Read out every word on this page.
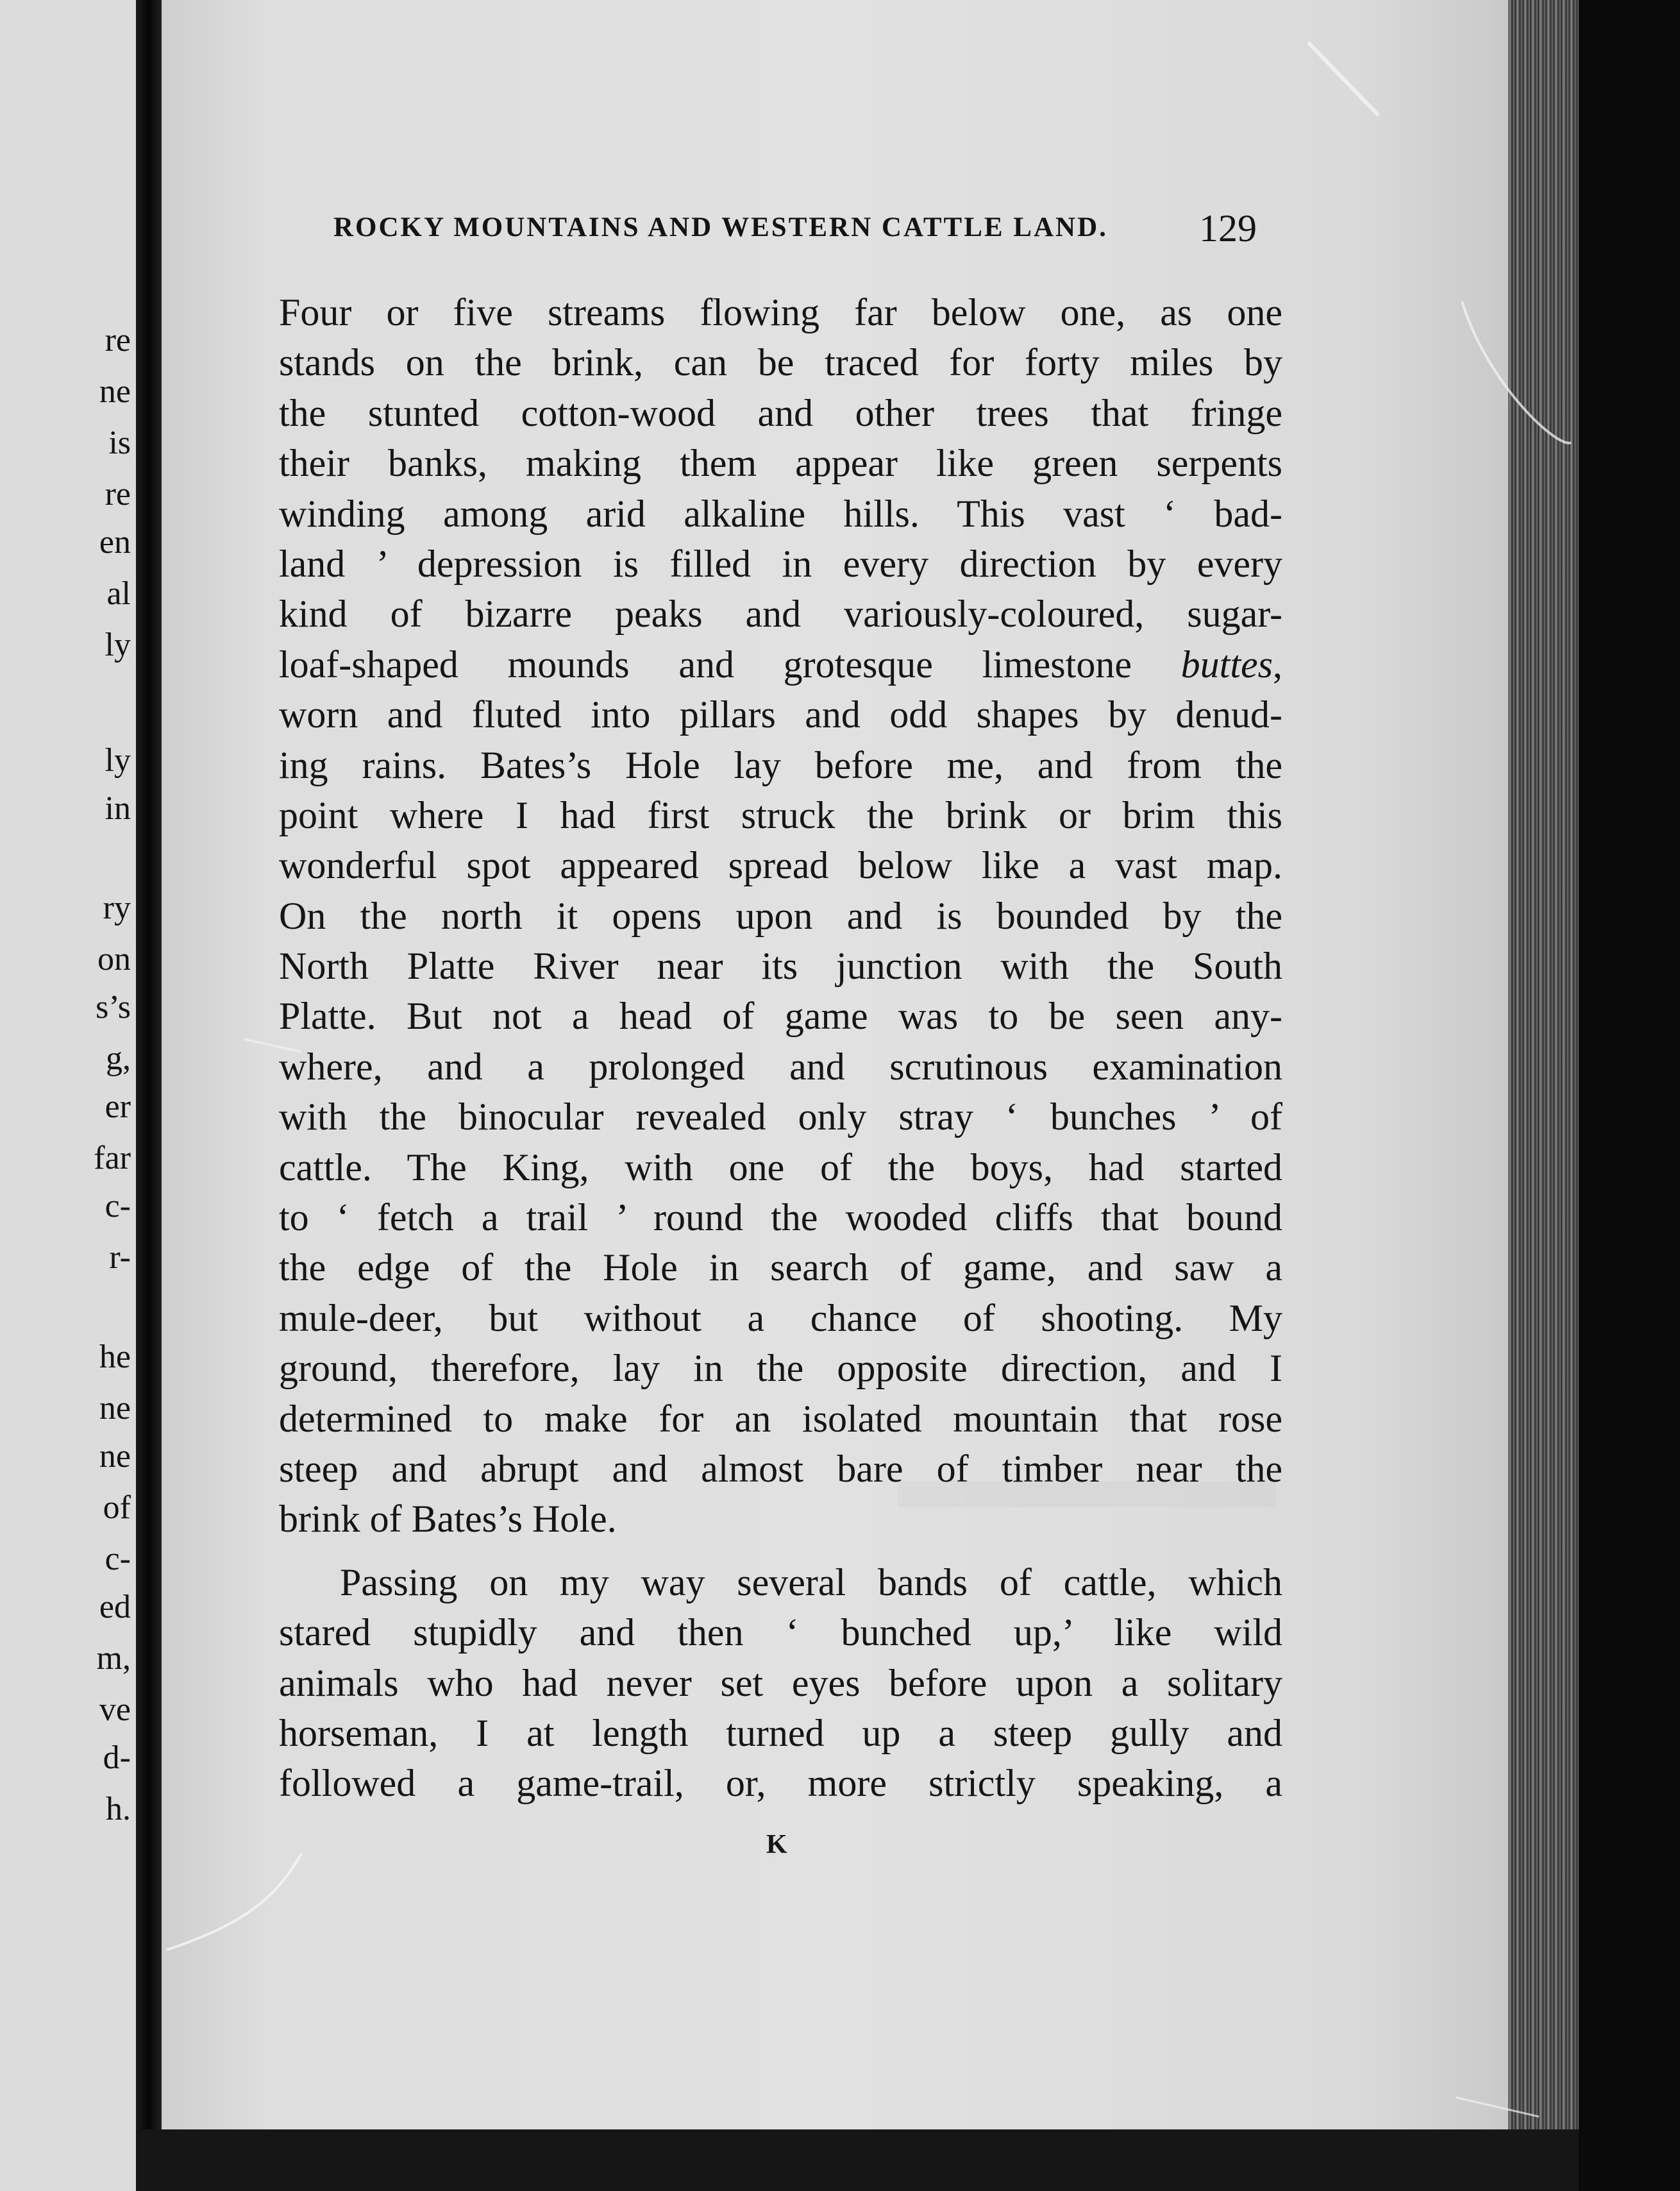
re
ne
is
re
en
al
ly
ly
in
ry
on
s’s
g,
er
far
c-
r-
he
ne
ne
of
c-
ed
m,
ve
d-
h.
ROCKY MOUNTAINS AND WESTERN CATTLE LAND.	129
Four or five streams flowing far below one, as one
stands on the brink, can be traced for forty miles by
the stunted cotton-wood and other trees that fringe
their banks, making them appear like green serpents
winding among arid alkaline hills. This vast ‘ bad-
land ’ depression is filled in every direction by every
kind of bizarre peaks and variously-coloured, sugar-
loaf-shaped mounds and grotesque limestone buttes,
worn and fluted into pillars and odd shapes by denud-
ing rains. Bates’s Hole lay before me, and from the
point where I had first struck the brink or brim this
wonderful spot appeared spread below like a vast map.
On the north it opens upon and is bounded by the
North Platte River near its junction with the South
Platte. But not a head of game was to be seen any-
where, and a prolonged and scrutinous examination
with the binocular revealed only stray ‘ bunches ’ of
cattle. The King, with one of the boys, had started
to ‘ fetch a trail ’ round the wooded cliffs that bound
the edge of the Hole in search of game, and saw a
mule-deer, but without a chance of shooting. My
ground, therefore, lay in the opposite direction, and I
determined to make for an isolated mountain that rose
steep and abrupt and almost bare of timber near the
brink of Bates’s Hole.
Passing on my way several bands of cattle, which
stared stupidly and then ‘ bunched up,’ like wild
animals who had never set eyes before upon a solitary
horseman, I at length turned up a steep gully and
followed a game-trail, or, more strictly speaking, a
K
